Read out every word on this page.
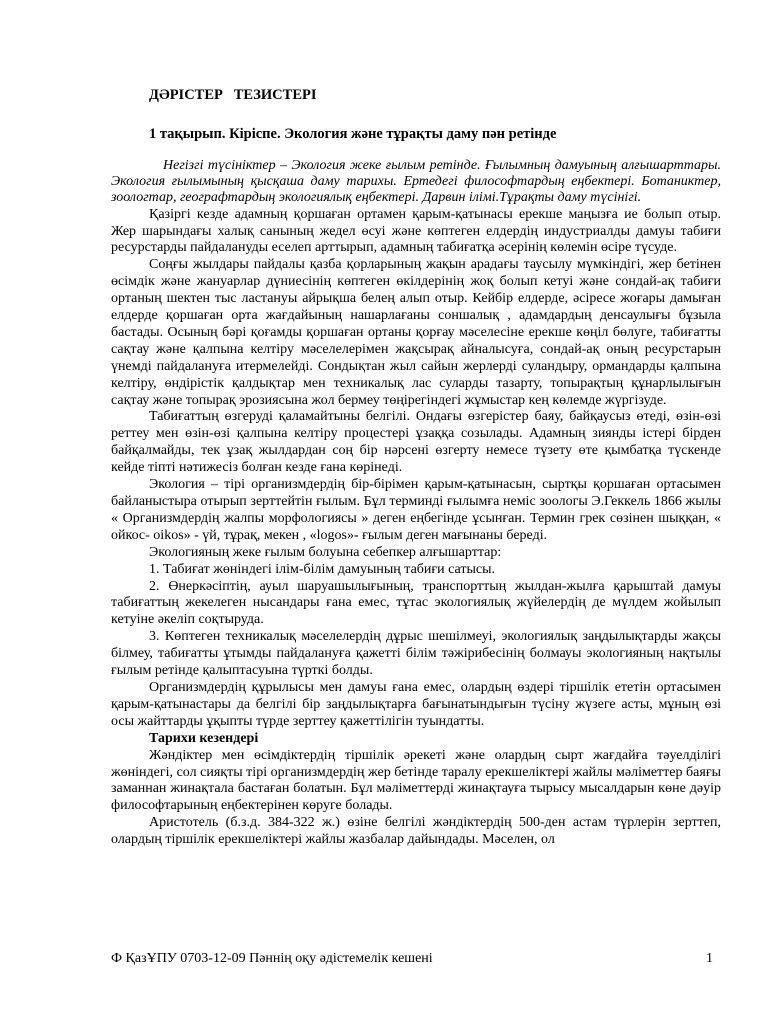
ДӘРІСТЕР   ТЕЗИСТЕРІ
1 тақырып. Кіріспе. Экология және тұрақты даму пән ретінде
Негізгі түсініктер – Экология жеке ғылым ретінде. Ғылымның дамуының алғышарттары. Экология ғылымының қысқаша даму тарихы. Ертедегі философтардың еңбектері. Ботаниктер, зоологтар, географтардың экологиялық еңбектері. Дарвин ілімі.Тұрақты даму түсінігі.

Қазіргі кезде адамның қоршаған ортамен қарым-қатынасы ерекше маңызға ие болып отыр. Жер шарындағы халық санының жедел өсуі және көптеген елдердің индустриалды дамуы табиғи ресурстарды пайдалануды еселеп арттырып, адамның табиғатқа әсерінің көлемін өсіре түсуде.

Соңғы жылдары пайдалы қазба қорларының жақын арадағы таусылу мүмкіндігі, жер бетінен өсімдік және жануарлар дүниесінің көптеген өкілдерінің жоқ болып кетуі және сондай-ақ табиғи ортаның шектен тыс ластануы айрықша белең алып отыр. Кейбір елдерде, әсіресе жоғары дамыған елдерде қоршаған орта жағдайының нашарлағаны соншалық , адамдардың денсаулығы бұзыла бастады. Осының бәрі қоғамды қоршаған ортаны қорғау мәселесіне ерекше көңіл бөлуге, табиғатты сақтау және қалпына келтіру мәселелерімен жақсырақ айналысуға, сондай-ақ оның ресурстарын үнемді пайдалануға итермелейді. Сондықтан жыл сайын жерлерді суландыру, ормандарды қалпына келтіру, өндірістік қалдықтар мен техникалық лас суларды тазарту, топырақтың құнарлылығын сақтау және топырақ эрозиясына жол бермеу төңірегіндегі жұмыстар кең көлемде жүргізуде.

Табиғаттың өзгеруді қаламайтыны белгілі. Ондағы өзгерістер баяу, байқаусыз өтеді, өзін-өзі реттеу мен өзін-өзі қалпына келтіру процестері ұзаққа созылады. Адамның зиянды істері бірден байқалмайды, тек ұзақ жылдардан соң бір нәрсені өзгерту немесе түзету өте қымбатқа түскенде кейде тіпті нәтижесіз болған кезде ғана көрінеді.

Экология – тірі организмдердің бір-бірімен қарым-қатынасын, сыртқы қоршаған ортасымен байланыстыра отырып зерттейтін ғылым. Бұл терминді ғылымға неміс зоологы Э.Геккель 1866 жылы « Организмдердің жалпы морфологиясы » деген еңбегінде ұсынған. Термин грек сөзінен шыққан, « ойкос- oikos» - үй, тұрақ, мекен , «logos»- ғылым деген мағынаны береді.

Экологияның жеке ғылым болуына себепкер алғышарттар:

1. Табиғат жөніндегі ілім-білім дамуының табиғи сатысы.

2. Өнеркәсіптің, ауыл шаруашылығының, транспорттың жылдан-жылға қарыштай дамуы табиғаттың жекелеген нысандары ғана емес, тұтас экологиялық жүйелердің де мүлдем жойылып кетуіне әкеліп соқтыруда.

3. Көптеген техникалық мәселелердің дұрыс шешілмеуі, экологиялық заңдылықтарды жақсы білмеу, табиғатты ұтымды пайдалануға қажетті білім тәжірибесінің болмауы экологияның нақтылы ғылым ретінде қалыптасуына түрткі болды.

Организмдердің құрылысы мен дамуы ғана емес, олардың өздері тіршілік ететін ортасымен қарым-қатынастары да белгілі бір заңдылықтарға бағынатындығын түсіну жүзеге асты, мұның өзі осы жайттарды ұқыпты түрде зерттеу қажеттілігін туындатты.

Тарихи кезендері

Жәндіктер мен өсімдіктердің тіршілік әрекеті және олардың сырт жағдайға тәуелділігі жөніндегі, сол сияқты тірі организмдердің жер бетінде таралу ерекшеліктері жайлы мәліметтер баяғы заманнан жинақтала бастаған болатын. Бұл мәліметтерді жинақтауға тырысу мысалдарын көне дәуір философтарының еңбектерінен көруге болады.

Аристотель (б.з.д. 384-322 ж.) өзіне белгілі жәндіктердің 500-ден астам түрлерін зерттеп, олардың тіршілік ерекшеліктері жайлы жазбалар дайындады. Мәселен, ол

Ф ҚазҰПУ 0703-12-09 Пәннің оқу әдістемелік кешені	1
